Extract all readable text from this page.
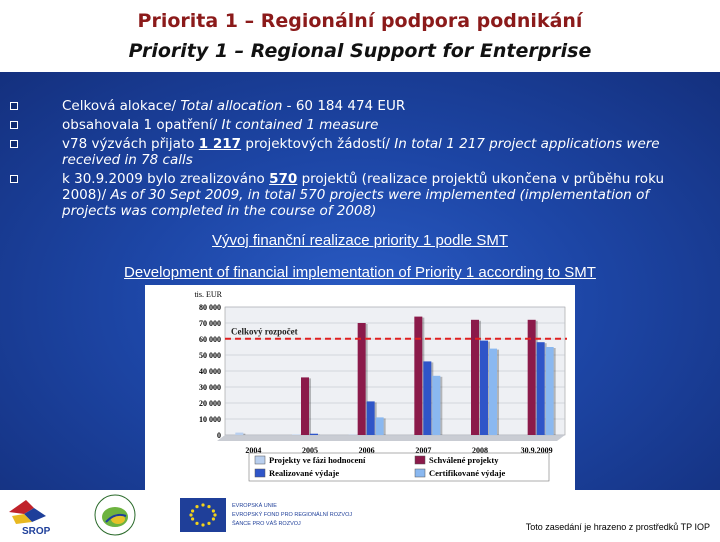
Priorita 1 – Regionální podpora podnikání
Priority 1 – Regional Support for Enterprise
Celková alokace/ Total allocation - 60 184 474 EUR
obsahovala 1 opatření/ It contained 1 measure
v78 výzvách přijato 1 217 projektových žádostí/ In total 1 217 project applications were received in 78 calls
k 30.9.2009 bylo zrealizováno 570 projektů (realizace projektů ukončena v průběhu roku 2008)/ As of 30 Sept 2009, in total 570 projects were implemented (implementation of projects was completed in the course of 2008)
Vývoj finanční realizace priority 1 podle SMT
Development of financial implementation of Priority 1 according to SMT
tis. EUR
0
10 000
20 000
30 000
40 000
50 000
60 000
70 000
80 000
2004	2005	2006	2007	2008	30.9.2009
Celkový rozpočet
Projekty ve fázi hodnocení	Schválené projekty
Realizované výdaje	Certifikované výdaje
SROP
EVROPSKÁ UNIE
EVROPSKÝ FOND PRO REGIONÁLNÍ ROZVOJ
ŠANCE PRO VÁŠ ROZVOJ	Toto zasedání je hrazeno z prostředků TP IOP
